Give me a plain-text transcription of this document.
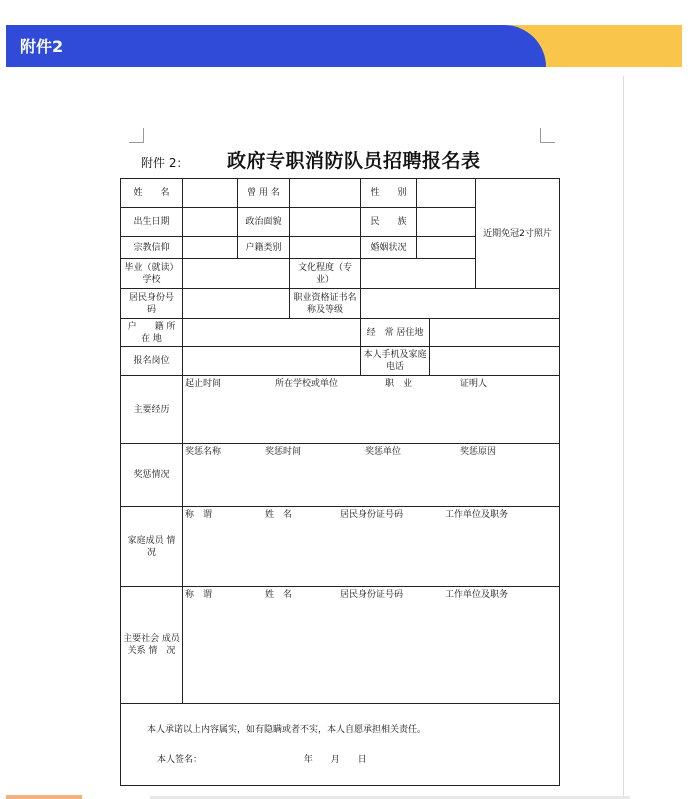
附件2
附件 2： 政府专职消防队员招聘报名表
姓　　名		曾 用 名		性　　别			近期免冠2寸照片
出生日期		政治面貌		民　　族			
宗教信仰		户籍类别		婚姻状况			
毕业（就读）学校			文化程度（专业）				
居民身份号　　码			职业资格证书名称及等级				
户　　籍 所 在 地				经　常 居住地			
报名岗位				本人手机及家庭电话			
主要经历	起止时间 所在学校或单位 职　业 证明人						

奖惩情况	奖惩名称 奖惩时间 奖惩单位 奖惩原因						

家庭成员 情　况	称　谓 姓　名 居民身份证号码 工作单位及职务						

主要社会 成员关系 情　况	称　谓 姓　名 居民身份证号码 工作单位及职务						

本人承诺以上内容属实，如有隐瞒或者不实，本人自愿承担相关责任。

本人签名： 年　　月　　日							
